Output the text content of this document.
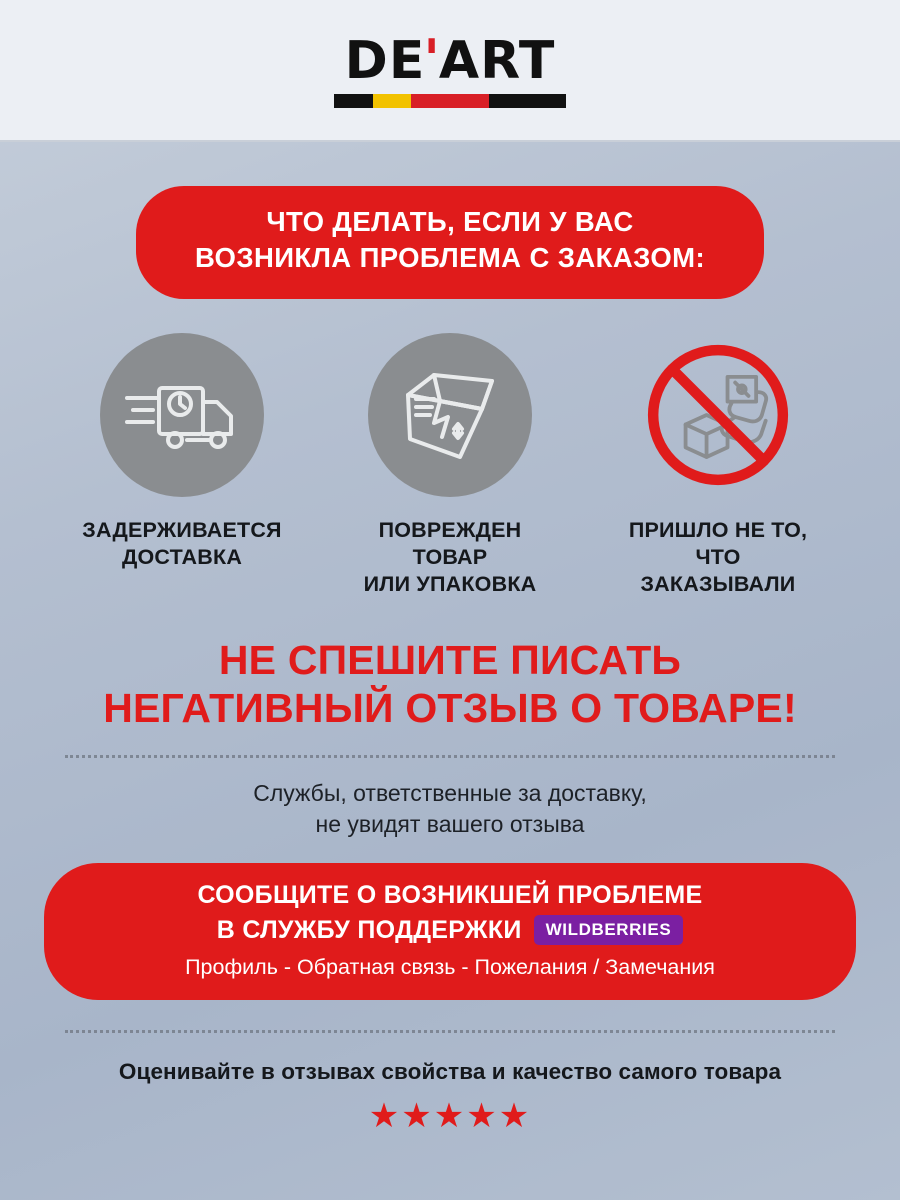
DE
'
ART
ЧТО ДЕЛАТЬ, ЕСЛИ У ВАС
ВОЗНИКЛА ПРОБЛЕМА С ЗАКАЗОМ:
ЗАДЕРЖИВАЕТСЯ
ДОСТАВКА
ПОВРЕЖДЕН ТОВАР
ИЛИ УПАКОВКА
ПРИШЛО НЕ ТО,
ЧТО ЗАКАЗЫВАЛИ
НЕ СПЕШИТЕ ПИСАТЬ
НЕГАТИВНЫЙ ОТЗЫВ О ТОВАРЕ!
Службы, ответственные за доставку,
не увидят вашего отзыва
СООБЩИТЕ О ВОЗНИКШЕЙ ПРОБЛЕМЕ
В СЛУЖБУ ПОДДЕРЖКИ	WILDBERRIES
Профиль - Обратная связь - Пожелания / Замечания
Оценивайте в отзывах свойства и качество самого товара
★★★★★
